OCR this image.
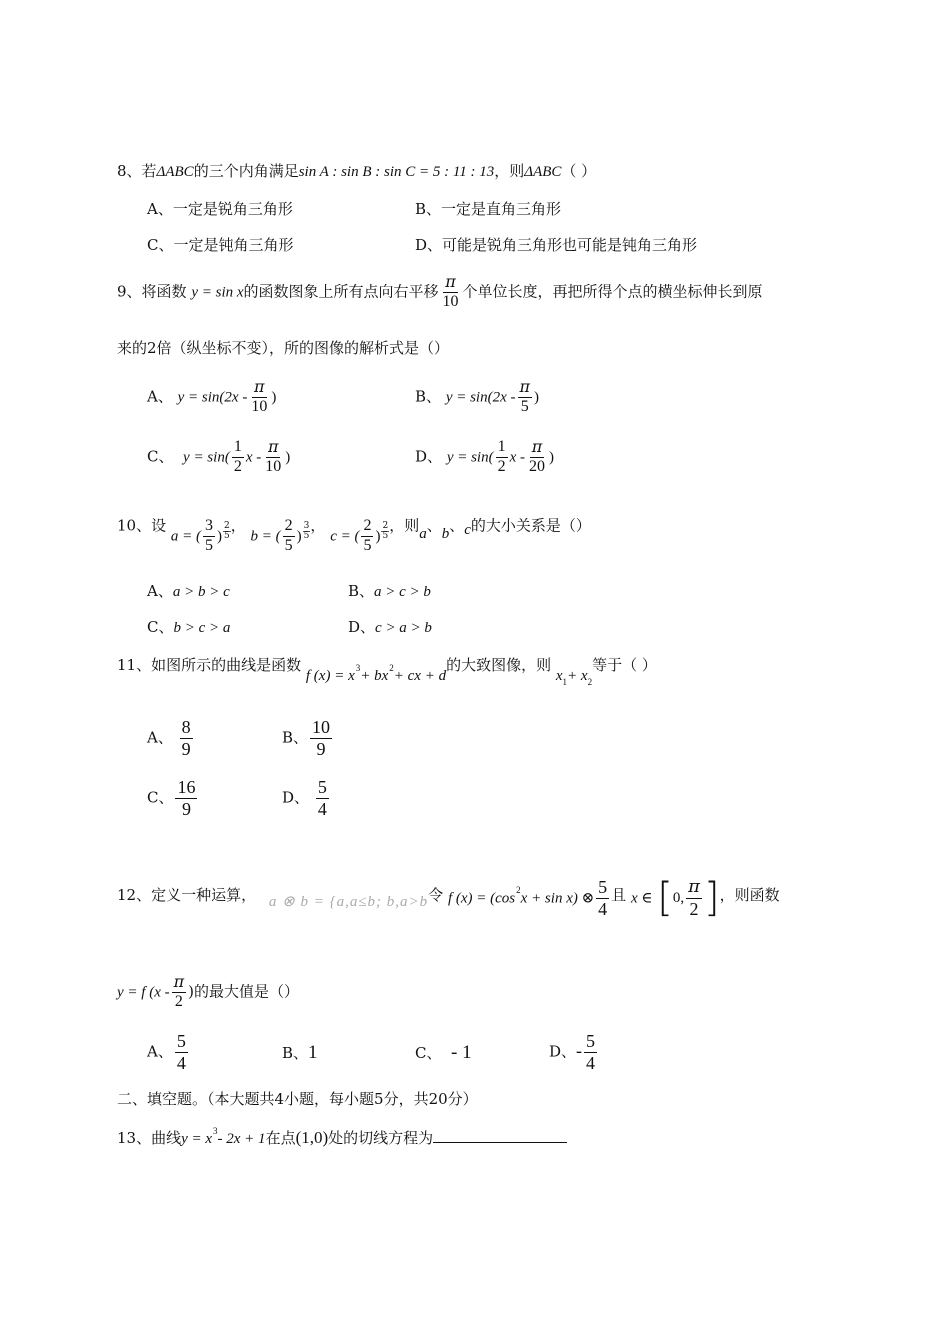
8、若ΔABC的三个内角满足sin A : sin B : sin C = 5 : 11 : 13，则ΔABC（ ）
A、一定是锐角三角形	B、一定是直角三角形
C、一定是钝角三角形	D、可能是锐角三角形也可能是钝角三角形
9、将函数 y = sin x的函数图象上所有点向右平移 $\frac{\pi}{10}$ 个单位长度，再把所得个点的横坐标伸长到原
来的2倍（纵坐标不变），所的图像的解析式是（）
A、 $y = \sin(2x - \frac{\pi}{10}$ )	B、 $y = \sin(2x - \frac{\pi}{5}$ )
C、 $y = \sin( \frac{1}{2}$ x - $\frac{\pi}{10}$ )	D、 $y = \sin( \frac{1}{2}$ x - $\frac{\pi}{20}$ )
10、设 a = ( $\frac{3}{5}$ ) $\frac{2}{5}$ ， b = ( $\frac{2}{5}$ ) $\frac{3}{5}$ ， c = ( $\frac{2}{5}$ ) $\frac{2}{5}$ ，则a、b、c的大小关系是（）
A、a > b > c	B、a > c > b
C、b > c > a	D、c > a > b
11、如图所示的曲线是函数 f $(x) = x^3+ bx^2+$ cx + d的大致图像，则 $x_1+ x_2$等于（ ）
A、 $\frac{8}{9}$	B、 $\frac{10}{9}$
C、 $\frac{16}{9}$	D、 $\frac{5}{4}$
12、定义一种运算， a ⊗ b = {a,a≤b; b,a>b令 f $(x) = (\cos^2x + \sin x)$ ⊗ $\frac{5}{4}$ 且 x ∈ [ 0, $\frac{\pi}{2}$ ] ，则函数
y = f ($x - \frac{\pi}{2}$ )的最大值是（）
A、 $\frac{5}{4}$	B、1	C、 - 1	D、- $\frac{5}{4}$
二、填空题。（本大题共4小题，每小题5分，共20分）
13、曲线$y = x^3-$ 2x + 1在点(1,0)处的切线方程为
